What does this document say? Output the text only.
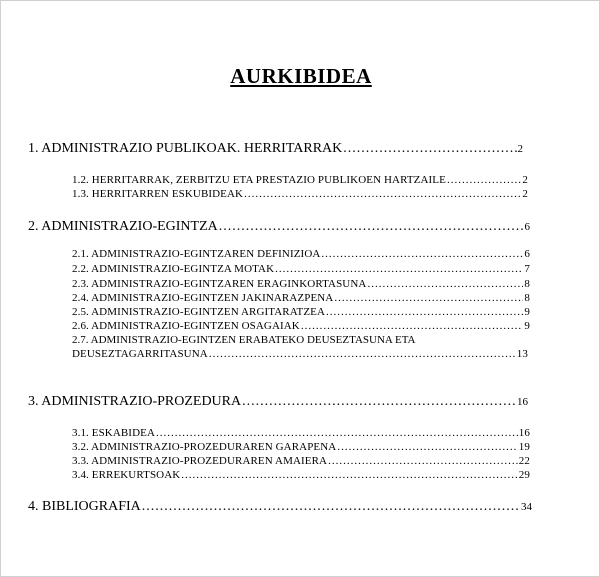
AURKIBIDEA
1. ADMINISTRAZIO PUBLIKOAK. HERRITARRAK .....	2
1.2. HERRITARRAK, ZERBITZU ETA PRESTAZIO PUBLIKOEN HARTZAILE .....	2
1.3. HERRITARREN ESKUBIDEAK .....	2
2. ADMINISTRAZIO-EGINTZA .....	6
2.1. ADMINISTRAZIO-EGINTZAREN DEFINIZIOA .....	6
2.2. ADMINISTRAZIO-EGINTZA MOTAK .....	7
2.3. ADMINISTRAZIO-EGINTZAREN ERAGINKORTASUNA .....	8
2.4. ADMINISTRAZIO-EGINTZEN JAKINARAZPENA .....	8
2.5. ADMINISTRAZIO-EGINTZEN ARGITARATZEA .....	9
2.6. ADMINISTRAZIO-EGINTZEN OSAGAIAK .....	9
2.7. ADMINISTRAZIO-EGINTZEN ERABATEKO DEUSEZTASUNA ETA
DEUSEZTAGARRITASUNA .....	13
3. ADMINISTRAZIO-PROZEDURA .....	16
3.1. ESKABIDEA .....	16
3.2. ADMINISTRAZIO-PROZEDURAREN GARAPENA .....	19
3.3. ADMINISTRAZIO-PROZEDURAREN AMAIERA .....	22
3.4. ERREKURTSOAK .....	29
4. BIBLIOGRAFIA .....	34
